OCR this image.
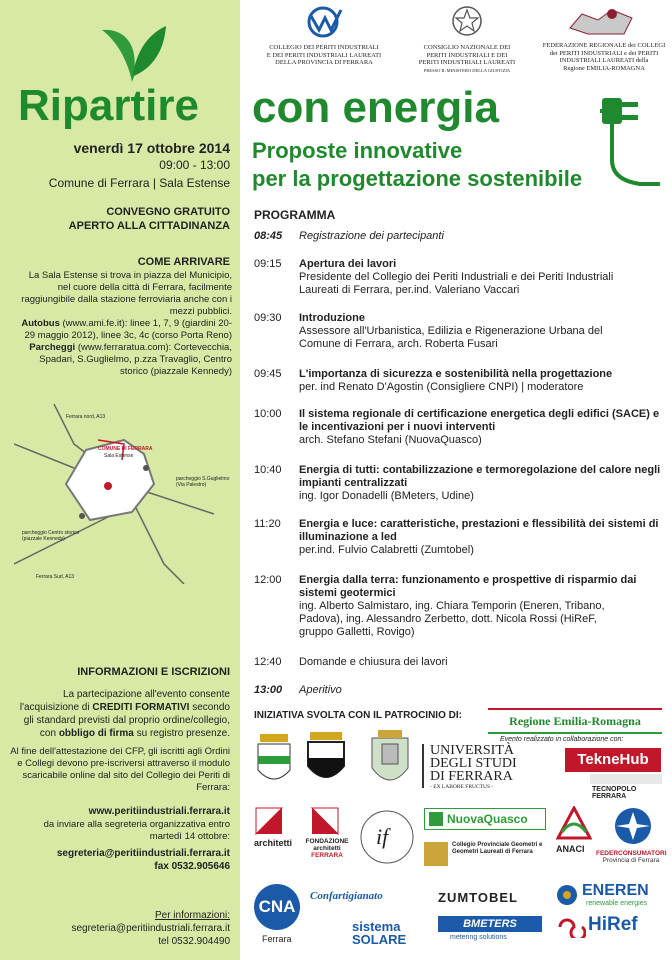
Ripartire con energia
Proposte innovative
per la progettazione sostenibile
COLLEGIO DEI PERITI INDUSTRIALI
E DEI PERITI INDUSTRIALI LAUREATI
DELLA PROVINCIA DI FERRARA
CONSIGLIO NAZIONALE DEI
PERITI INDUSTRIALI E DEI
PERITI INDUSTRIALI LAUREATI
PRESSO IL MINISTERO DELLA GIUSTIZIA
FEDERAZIONE REGIONALE dei COLLEGI
dei PERITI INDUSTRIALI e dei PERITI
INDUSTRIALI LAUREATI della
Regione EMILIA-ROMAGNA
venerdì 17 ottobre 2014
09:00 - 13:00
Comune di Ferrara | Sala Estense
CONVEGNO GRATUITO
APERTO ALLA CITTADINANZA
COME ARRIVARE
La Sala Estense si trova in piazza del Municipio, nel cuore della città di Ferrara, facilmente raggiungibile dalla stazione ferroviaria anche con i mezzi pubblici.
Autobus (www.ami.fe.it): linee 1, 7, 9 (giardini 20-29 maggio 2012), linee 3c, 4c (corso Porta Reno)
Parcheggi (www.ferraratua.com): Cortevecchia, Spadari, S.Guglielmo, p.zza Travaglio, Centro storico (piazzale Kennedy)
Ferrara nord, A13
COMUNE DI FERRARA
Sala Estense
parcheggio S.Guglielmo
(Via Palestro)
parcheggio Centro storico
(piazzale Kennedy)
Ferrara Sud, A13
INFORMAZIONI E ISCRIZIONI
La partecipazione all'evento consente l'acquisizione di CREDITI FORMATIVI secondo gli standard previsti dal proprio ordine/collegio, con obbligo di firma su registro presenze.
Al fine dell'attestazione dei CFP, gli iscritti agli Ordini e Collegi devono pre-iscriversi attraverso il modulo scaricabile online dal sito del Collegio dei Periti di Ferrara:
www.peritiindustriali.ferrara.it
da inviare alla segreteria organizzativa entro martedì 14 ottobre:
segreteria@peritiindustriali.ferrara.it
fax 0532.905646
Per informazioni:
segreteria@peritiindustriali.ferrara.it
tel 0532.904490
PROGRAMMA
08:45	Registrazione dei partecipanti
09:15	Apertura dei lavori
Presidente del Collegio dei Periti Industriali e dei Periti Industriali
Laureati di Ferrara, per.ind. Valeriano Vaccari
09:30	Introduzione
Assessore all'Urbanistica, Edilizia e Rigenerazione Urbana del
Comune di Ferrara, arch. Roberta Fusari
09:45	L'importanza di sicurezza e sostenibilità nella progettazione
per. ind Renato D'Agostin (Consigliere CNPI) | moderatore
10:00	Il sistema regionale di certificazione energetica degli edifici (SACE) e le incentivazioni per i nuovi interventi
arch. Stefano Stefani (NuovaQuasco)
10:40	Energia di tutti: contabilizzazione e termoregolazione del calore negli impianti centralizzati
ing. Igor Donadelli (BMeters, Udine)
11:20	Energia e luce: caratteristiche, prestazioni e flessibilità dei sistemi di illuminazione a led
per.ind. Fulvio Calabretti (Zumtobel)
12:00	Energia dalla terra: funzionamento e prospettive di risparmio dai sistemi geotermici
ing. Alberto Salmistaro, ing. Chiara Temporin (Eneren, Tribano,
Padova), ing. Alessandro Zerbetto, dott. Nicola Rossi (HiReF,
gruppo Galletti, Rovigo)
12:40	Domande e chiusura dei lavori
13:00	Aperitivo
INIZIATIVA SVOLTA CON IL PATROCINIO DI:	Regione Emilia-Romagna
Evento realizzato in collaborazione con:
UNIVERSITÀ
DEGLI STUDI
DI FERRARA
- EX LABORE FRUCTUS -
TekneHub
TECNOPOLO FERRARA
architetti FONDAZIONE architetti
FERRARA
if
NuovaQuasco
Collegio Provinciale Geometri e Geometri Laureati di Ferrara	ANACI FEDERCONSUMATORI
Provincia di Ferrara
CNA
Ferrara
Confartigianato
sistema SOLARE
ZUMTOBEL
BMETERS
metering solutions
ENEREN
renewable energies
HiRef
